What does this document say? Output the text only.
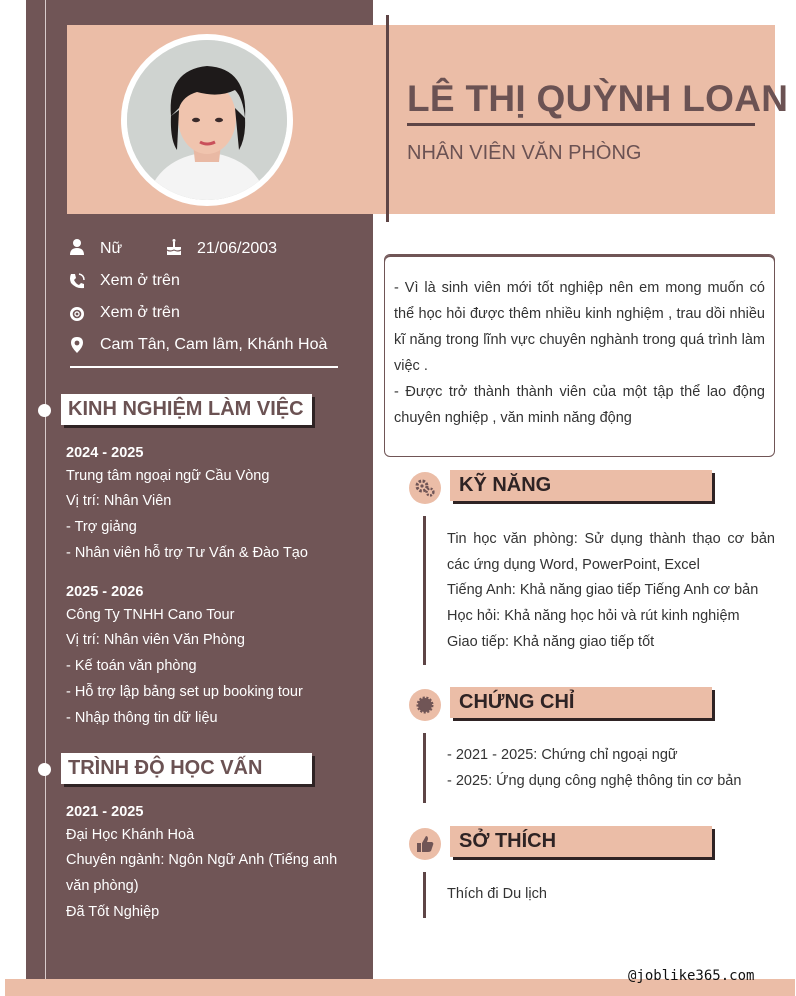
LÊ THỊ QUỲNH LOAN
NHÂN VIÊN VĂN PHÒNG
Nữ	21/06/2003
Xem ở trên
Xem ở trên
Cam Tân, Cam lâm, Khánh Hoà
KINH NGHIỆM LÀM VIỆC
2024 - 2025
Trung tâm ngoại ngữ Cầu Vòng
Vị trí: Nhân Viên
- Trợ giảng
- Nhân viên hỗ trợ Tư Vấn & Đào Tạo
2025 - 2026
Công Ty TNHH Cano Tour
Vị trí: Nhân viên Văn Phòng
- Kế toán văn phòng
- Hỗ trợ lập bảng set up booking tour
- Nhập thông tin dữ liệu
TRÌNH ĐỘ HỌC VẤN
2021 - 2025
Đại Học Khánh Hoà
Chuyên ngành: Ngôn Ngữ Anh (Tiếng anh
văn phòng)
Đã Tốt Nghiệp

- Vì là sinh viên mới tốt nghiệp nên em mong muốn có thể học hỏi được thêm nhiều kinh nghiệm , trau dồi nhiều kĩ năng trong lĩnh vực chuyên nghành trong quá trình làm việc .

- Được trở thành thành viên của một tập thể lao động chuyên nghiệp , văn minh năng động

KỸ NĂNG
Tin học văn phòng: Sử dụng thành thạo cơ bản các ứng dụng Word, PowerPoint, Excel
Tiếng Anh: Khả năng giao tiếp Tiếng Anh cơ bản
Học hỏi: Khả năng học hỏi và rút kinh nghiệm
Giao tiếp: Khả năng giao tiếp tốt
CHỨNG CHỈ
- 2021 - 2025: Chứng chỉ ngoại ngữ
- 2025: Ứng dụng công nghệ thông tin cơ bản
SỞ THÍCH
Thích đi Du lịch
@joblike365.com
